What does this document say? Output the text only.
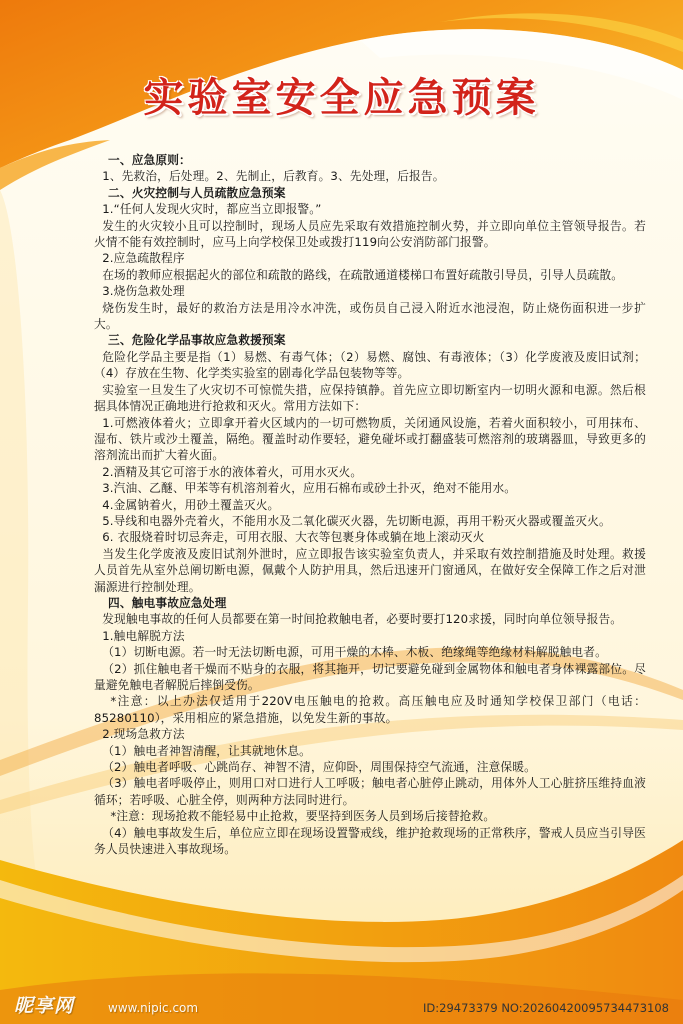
实验室安全应急预案

一、应急原则：

1、先救治，后处理。2、先制止，后教育。3、先处理，后报告。

二、火灾控制与人员疏散应急预案

1.“任何人发现火灾时，都应当立即报警。”

发生的火灾较小且可以控制时，现场人员应先采取有效措施控制火势，并立即向单位主管领导报告。若火情不能有效控制时，应马上向学校保卫处或拨打119向公安消防部门报警。

2.应急疏散程序

在场的教师应根据起火的部位和疏散的路线，在疏散通道楼梯口布置好疏散引导员，引导人员疏散。

3.烧伤急救处理

烧伤发生时，最好的救治方法是用冷水冲洗，或伤员自己浸入附近水池浸泡，防止烧伤面积进一步扩大。

三、危险化学品事故应急救援预案

危险化学品主要是指（1）易燃、有毒气体；（2）易燃、腐蚀、有毒液体；（3）化学废液及废旧试剂；（4）存放在生物、化学类实验室的剧毒化学品包装物等等。

实验室一旦发生了火灾切不可惊慌失措，应保持镇静。首先应立即切断室内一切明火源和电源。然后根据具体情况正确地进行抢救和灭火。常用方法如下：

1.可燃液体着火；立即拿开着火区域内的一切可燃物质，关闭通风设施，若着火面积较小，可用抹布、湿布、铁片或沙土覆盖，隔绝。覆盖时动作要轻，避免碰坏或打翻盛装可燃溶剂的玻璃器皿，导致更多的溶剂流出而扩大着火面。

2.酒精及其它可溶于水的液体着火，可用水灭火。

3.汽油、乙醚、甲苯等有机溶剂着火，应用石棉布或砂土扑灭，绝对不能用水。

4.金属钠着火，用砂土覆盖灭火。

5.导线和电器外壳着火，不能用水及二氧化碳灭火器，先切断电源，再用干粉灭火器或覆盖灭火。

6. 衣服烧着时切忌奔走，可用衣服、大衣等包裹身体或躺在地上滚动灭火

当发生化学废液及废旧试剂外泄时，应立即报告该实验室负责人，并采取有效控制措施及时处理。救援人员首先从室外总阐切断电源，佩戴个人防护用具，然后迅速开门窗通风，在做好安全保障工作之后对泄漏源进行控制处理。

四、触电事故应急处理

发现触电事故的任何人员都要在第一时间抢救触电者，必要时要打120求援，同时向单位领导报告。

1.触电解脱方法

（1）切断电源。若一时无法切断电源，可用干燥的木棒、木板、绝缘绳等绝缘材料解脱触电者。

（2）抓住触电者干燥而不贴身的衣服，将其拖开，切记要避免碰到金属物体和触电者身体裸露部位。尽量避免触电者解脱后摔倒受伤。

*注意：以上办法仅适用于220V电压触电的抢救。高压触电应及时通知学校保卫部门（电话：85280110），采用相应的紧急措施，以免发生新的事故。

2.现场急救方法

（1）触电者神智清醒，让其就地休息。

（2）触电者呼吸、心跳尚存、神智不清，应仰卧，周围保持空气流通，注意保暖。

（3）触电者呼吸停止，则用口对口进行人工呼吸；触电者心脏停止跳动，用体外人工心脏挤压维持血液循环；若呼吸、心脏全停，则两种方法同时进行。

*注意：现场抢救不能轻易中止抢救，要坚持到医务人员到场后接替抢救。

（4）触电事故发生后，单位应立即在现场设置警戒线，维护抢救现场的正常秩序，警戒人员应当引导医务人员快速进入事故现场。

昵享网	www.nipic.com	ID:29473379 NO:20260420095734473108
